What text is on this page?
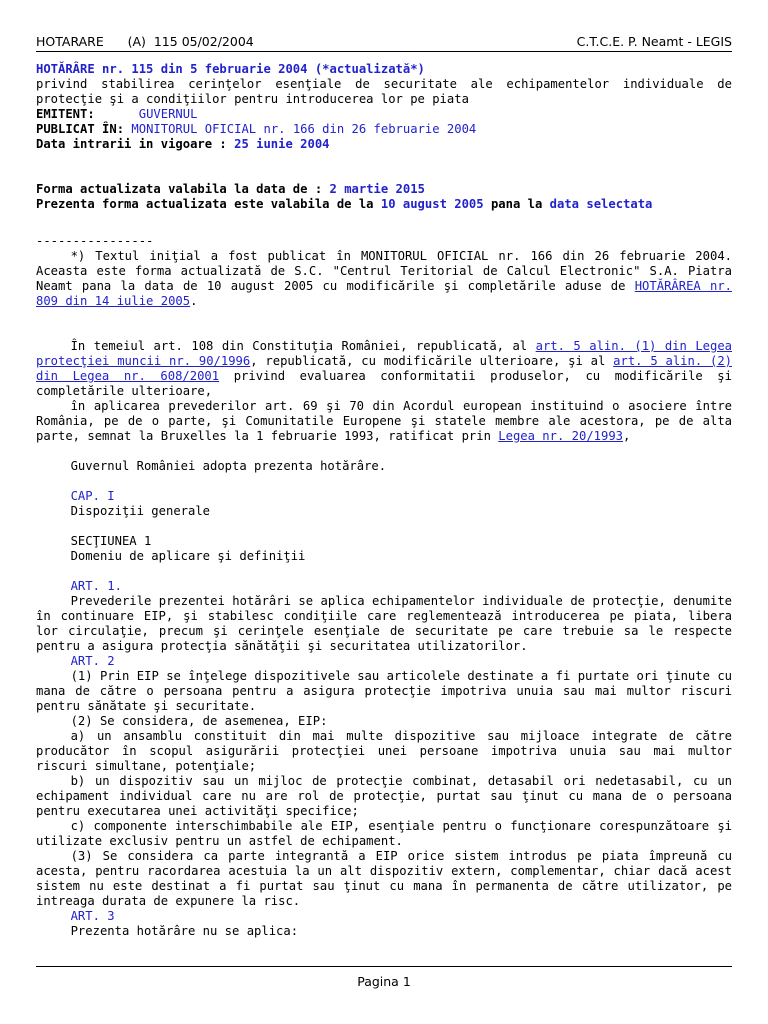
HOTARARE      (A)  115 05/02/2004	C.T.C.E. P. Neamt - LEGIS

HOTĂRÂRE nr. 115 din 5 februarie 2004 (*actualizată*)

privind stabilirea cerinţelor esenţiale de securitate ale echipamentelor individuale de protecţie şi a condiţiilor pentru introducerea lor pe piata

EMITENT:	GUVERNUL

PUBLICAT ÎN: MONITORUL OFICIAL nr. 166 din 26 februarie 2004

Data intrarii in vigoare : 25 iunie 2004

Forma actualizata valabila la data de : 2 martie 2015

Prezenta forma actualizata este valabila de la 10 august 2005 pana la data selectata

----------------

*) Textul iniţial a fost publicat în MONITORUL OFICIAL nr. 166 din 26 februarie 2004. Aceasta este forma actualizată de S.C. "Centrul Teritorial de Calcul Electronic" S.A. Piatra Neamt pana la data de 10 august 2005 cu modificările şi completările aduse de HOTĂRÂREA nr. 809 din 14 iulie 2005.

În temeiul art. 108 din Constituţia României, republicată, al art. 5 alin. (1) din Legea protecţiei muncii nr. 90/1996, republicată, cu modificările ulterioare, şi al art. 5 alin. (2) din Legea nr. 608/2001 privind evaluarea conformitatii produselor, cu modificările şi completările ulterioare,

în aplicarea prevederilor art. 69 şi 70 din Acordul european instituind o asociere între România, pe de o parte, şi Comunitatile Europene şi statele membre ale acestora, pe de alta parte, semnat la Bruxelles la 1 februarie 1993, ratificat prin Legea nr. 20/1993,

Guvernul României adopta prezenta hotărâre.

CAP. I

Dispoziţii generale

SECŢIUNEA 1

Domeniu de aplicare şi definiţii

ART. 1.

Prevederile prezentei hotărâri se aplica echipamentelor individuale de protecţie, denumite în continuare EIP, şi stabilesc condiţiile care reglementează introducerea pe piata, libera lor circulaţie, precum şi cerinţele esenţiale de securitate pe care trebuie sa le respecte pentru a asigura protecţia sănătăţii şi securitatea utilizatorilor.

ART. 2

(1) Prin EIP se înţelege dispozitivele sau articolele destinate a fi purtate ori ţinute cu mana de către o persoana pentru a asigura protecţie impotriva unuia sau mai multor riscuri pentru sănătate şi securitate.

(2) Se considera, de asemenea, EIP:

a) un ansamblu constituit din mai multe dispozitive sau mijloace integrate de către producător în scopul asigurării protecţiei unei persoane impotriva unuia sau mai multor riscuri simultane, potenţiale;

b) un dispozitiv sau un mijloc de protecţie combinat, detasabil ori nedetasabil, cu un echipament individual care nu are rol de protecţie, purtat sau ţinut cu mana de o persoana pentru executarea unei activităţi specifice;

c) componente interschimbabile ale EIP, esenţiale pentru o funcţionare corespunzătoare şi utilizate exclusiv pentru un astfel de echipament.

(3) Se considera ca parte integrantă a EIP orice sistem introdus pe piata împreună cu acesta, pentru racordarea acestuia la un alt dispozitiv extern, complementar, chiar dacă acest sistem nu este destinat a fi purtat sau ţinut cu mana în permanenta de către utilizator, pe intreaga durata de expunere la risc.

ART. 3

Prezenta hotărâre nu se aplica:

Pagina 1
